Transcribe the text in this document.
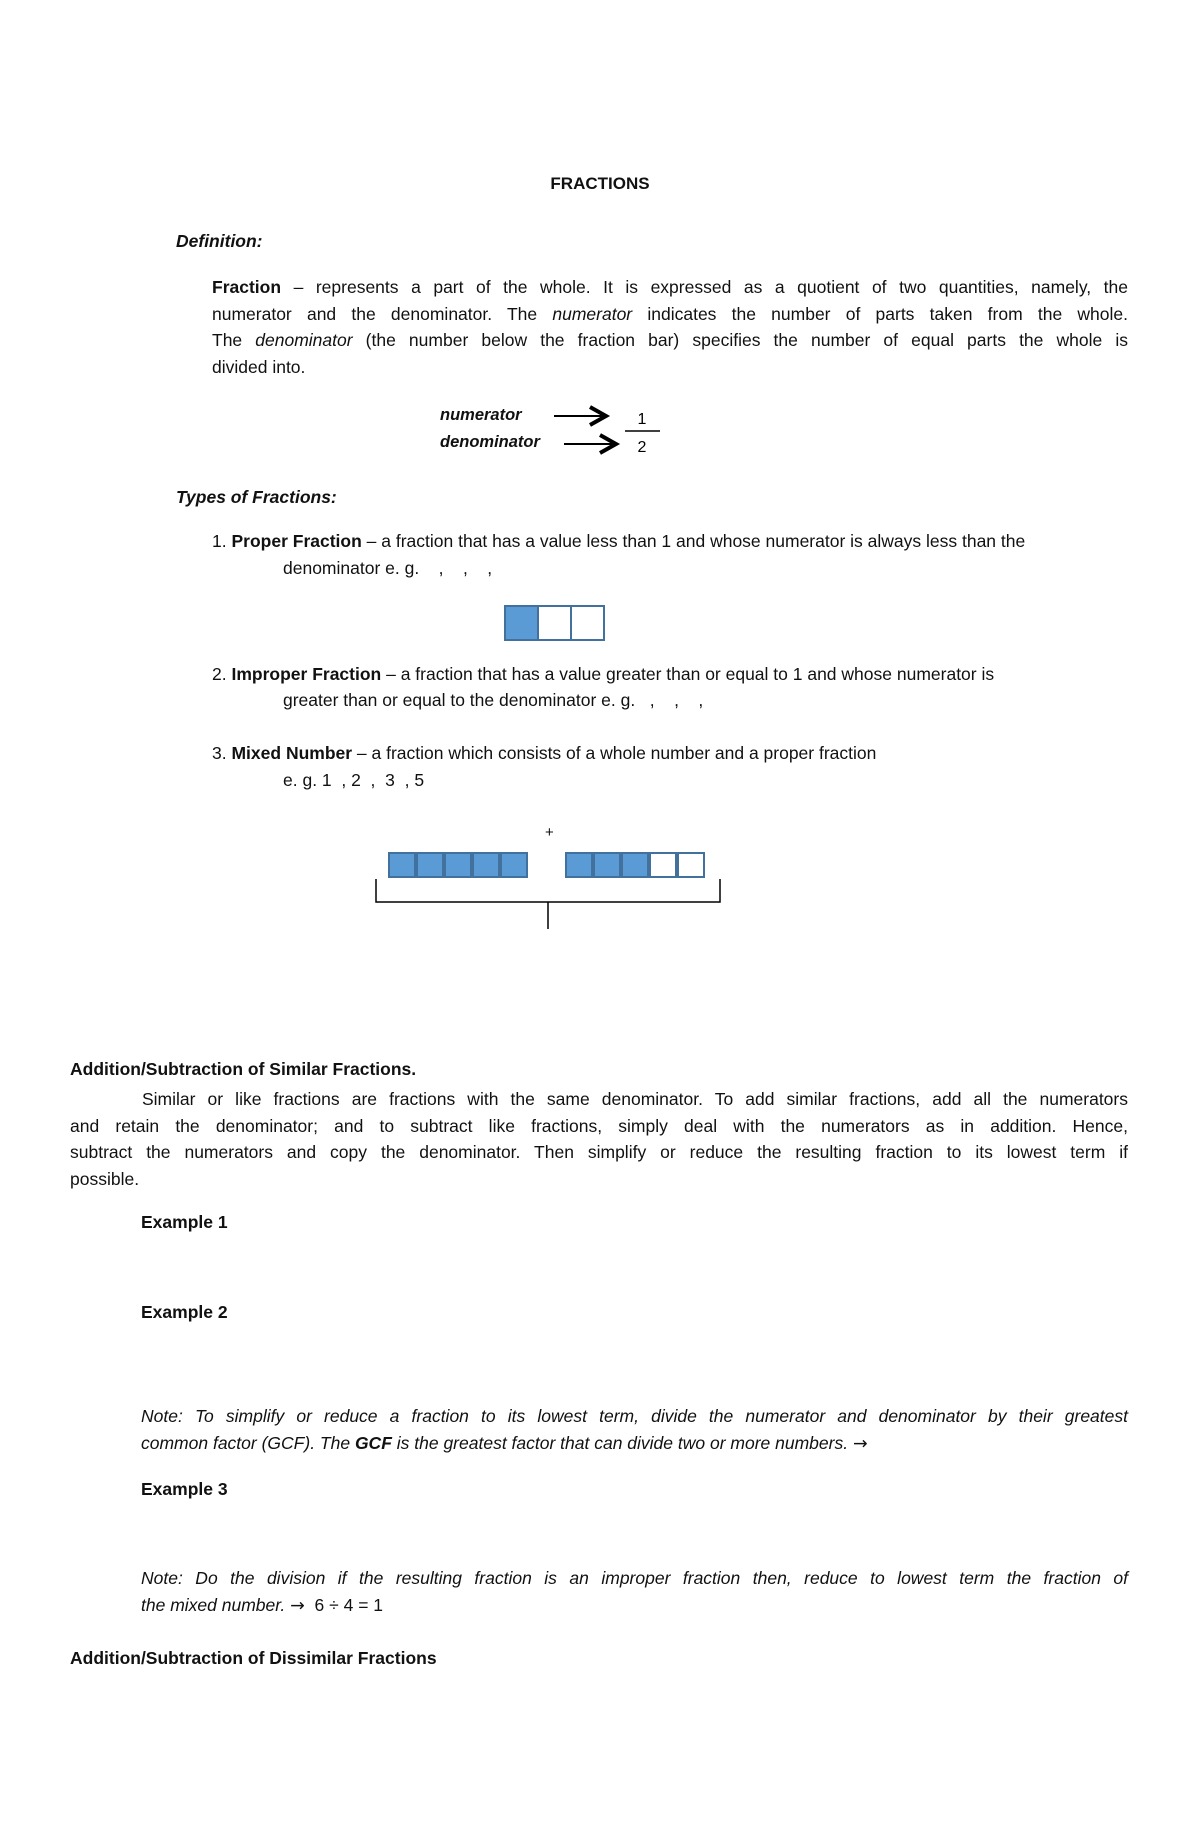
FRACTIONS
Definition:
Fraction – represents a part of the whole. It is expressed as a quotient of two quantities, namely, the
numerator and the denominator. The numerator indicates the number of parts taken from the whole.
The denominator (the number below the fraction bar) specifies the number of equal parts the whole is
divided into.
numerator
denominator
1
2
Types of Fractions:
1. Proper Fraction – a fraction that has a value less than 1 and whose numerator is always less than the
denominator e. g.    ,    ,    ,
2. Improper Fraction – a fraction that has a value greater than or equal to 1 and whose numerator is
greater than or equal to the denominator e. g.   ,    ,    ,
3. Mixed Number – a fraction which consists of a whole number and a proper fraction
e. g. 1  , 2  ,  3  , 5
+
Addition/Subtraction of Similar Fractions.
Similar or like fractions are fractions with the same denominator. To add similar fractions, add all the numerators
and retain the denominator; and to subtract like fractions, simply deal with the numerators as in addition. Hence,
subtract the numerators and copy the denominator. Then simplify or reduce the resulting fraction to its lowest term if
possible.
Example 1
Example 2
Note: To simplify or reduce a fraction to its lowest term, divide the numerator and denominator by their greatest
common factor (GCF). The GCF is the greatest factor that can divide two or more numbers. →
Example 3
Note: Do the division if the resulting fraction is an improper fraction then, reduce to lowest term the fraction of
the mixed number. →  6 ÷ 4 = 1
Addition/Subtraction of Dissimilar Fractions
